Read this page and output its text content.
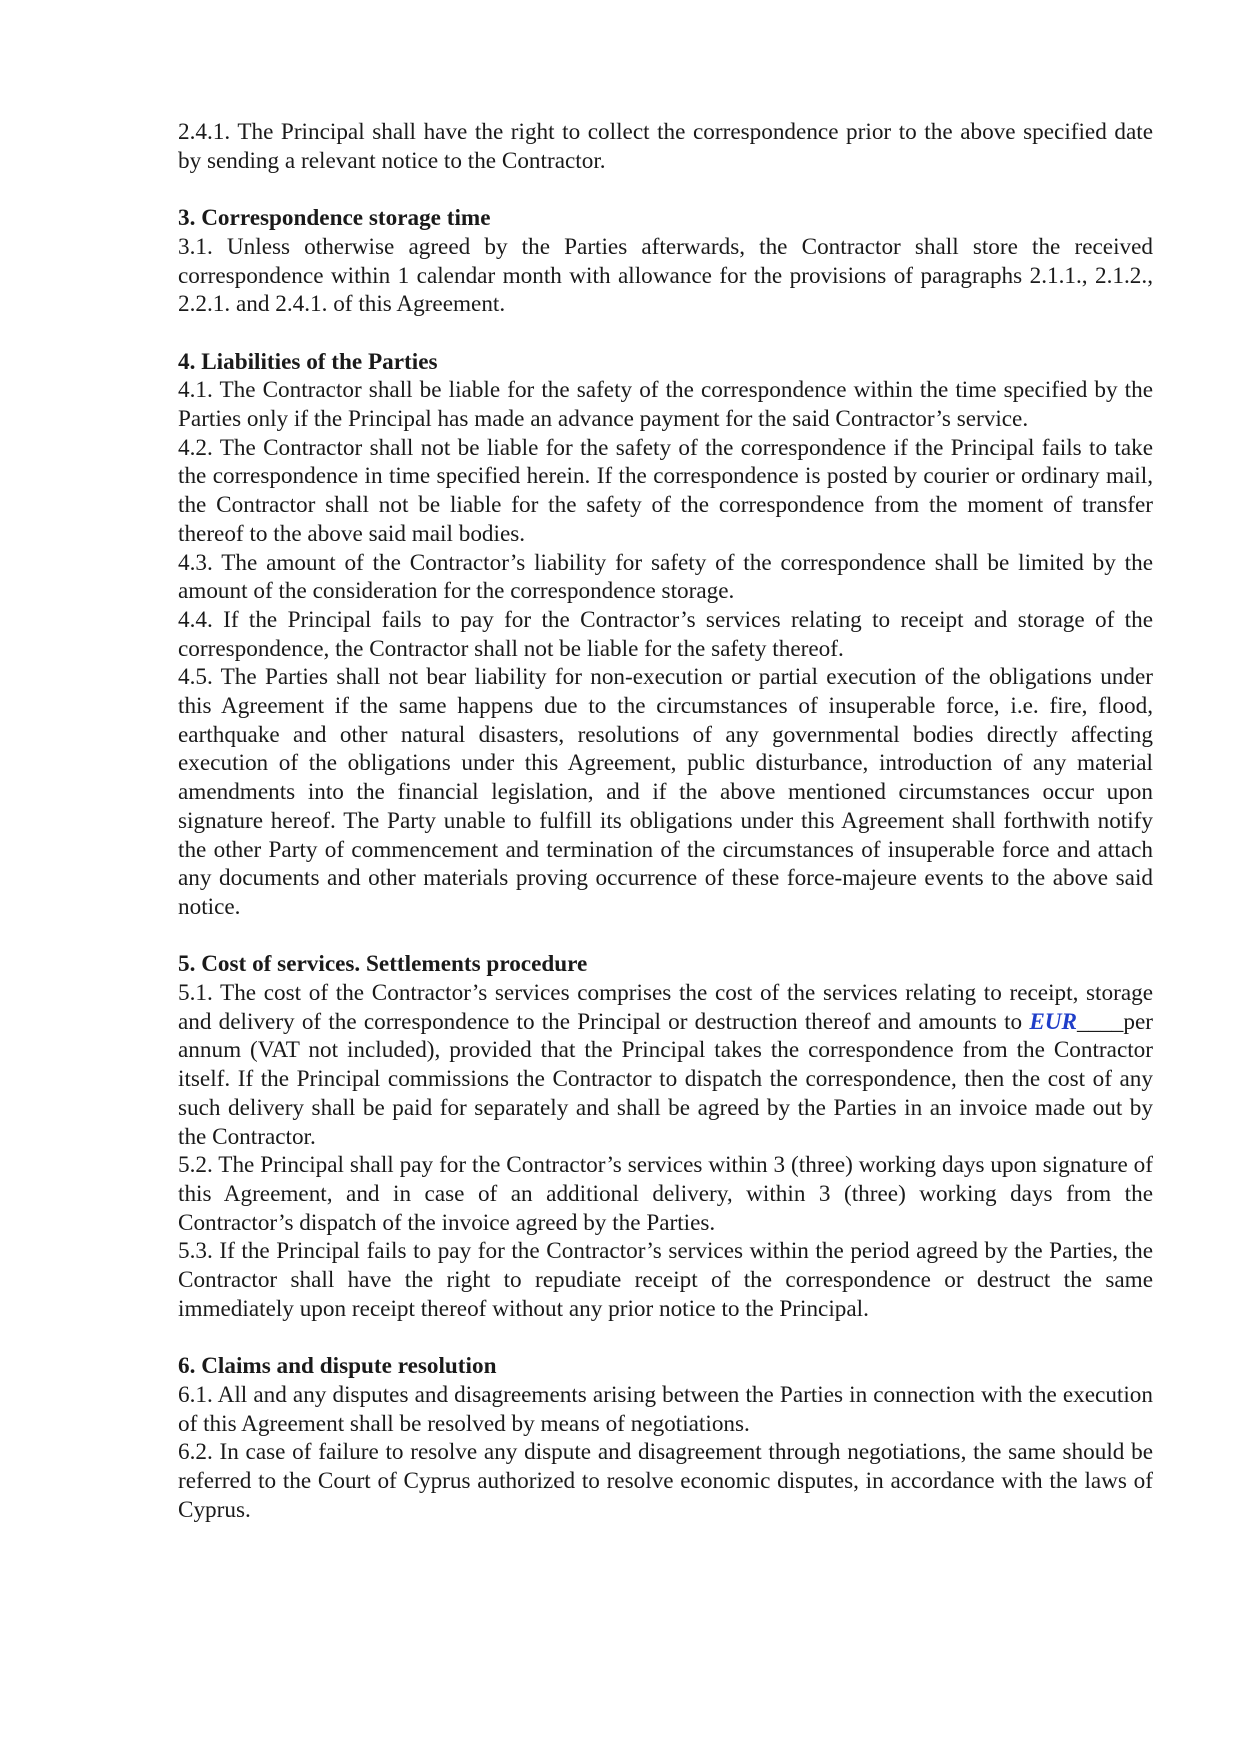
2.4.1. The Principal shall have the right to collect the correspondence prior to the above specified date by sending a relevant notice to the Contractor.

3. Correspondence storage time

3.1. Unless otherwise agreed by the Parties afterwards, the Contractor shall store the received correspondence within 1 calendar month with allowance for the provisions of paragraphs 2.1.1., 2.1.2., 2.2.1. and 2.4.1. of this Agreement.

4. Liabilities of the Parties

4.1. The Contractor shall be liable for the safety of the correspondence within the time specified by the Parties only if the Principal has made an advance payment for the said Contractor’s service.

4.2. The Contractor shall not be liable for the safety of the correspondence if the Principal fails to take the correspondence in time specified herein. If the correspondence is posted by courier or ordinary mail, the Contractor shall not be liable for the safety of the correspondence from the moment of transfer thereof to the above said mail bodies.

4.3. The amount of the Contractor’s liability for safety of the correspondence shall be limited by the amount of the consideration for the correspondence storage.

4.4. If the Principal fails to pay for the Contractor’s services relating to receipt and storage of the correspondence, the Contractor shall not be liable for the safety thereof.

4.5. The Parties shall not bear liability for non-execution or partial execution of the obligations under this Agreement if the same happens due to the circumstances of insuperable force, i.e. fire, flood, earthquake and other natural disasters, resolutions of any governmental bodies directly affecting execution of the obligations under this Agreement, public disturbance, introduction of any material amendments into the financial legislation, and if the above mentioned circumstances occur upon signature hereof. The Party unable to fulfill its obligations under this Agreement shall forthwith notify the other Party of commencement and termination of the circumstances of insuperable force and attach any documents and other materials proving occurrence of these force-majeure events to the above said notice.

5. Cost of services. Settlements procedure

5.1. The cost of the Contractor’s services comprises the cost of the services relating to receipt, storage and delivery of the correspondence to the Principal or destruction thereof and amounts to EUR____per annum (VAT not included), provided that the Principal takes the correspondence from the Contractor itself. If the Principal commissions the Contractor to dispatch the correspondence, then the cost of any such delivery shall be paid for separately and shall be agreed by the Parties in an invoice made out by the Contractor.

5.2. The Principal shall pay for the Contractor’s services within 3 (three) working days upon signature of this Agreement, and in case of an additional delivery, within 3 (three) working days from the Contractor’s dispatch of the invoice agreed by the Parties.

5.3. If the Principal fails to pay for the Contractor’s services within the period agreed by the Parties, the Contractor shall have the right to repudiate receipt of the correspondence or destruct the same immediately upon receipt thereof without any prior notice to the Principal.

6. Claims and dispute resolution

6.1. All and any disputes and disagreements arising between the Parties in connection with the execution of this Agreement shall be resolved by means of negotiations.

6.2. In case of failure to resolve any dispute and disagreement through negotiations, the same should be referred to the Court of Cyprus authorized to resolve economic disputes, in accordance with the laws of Cyprus.
